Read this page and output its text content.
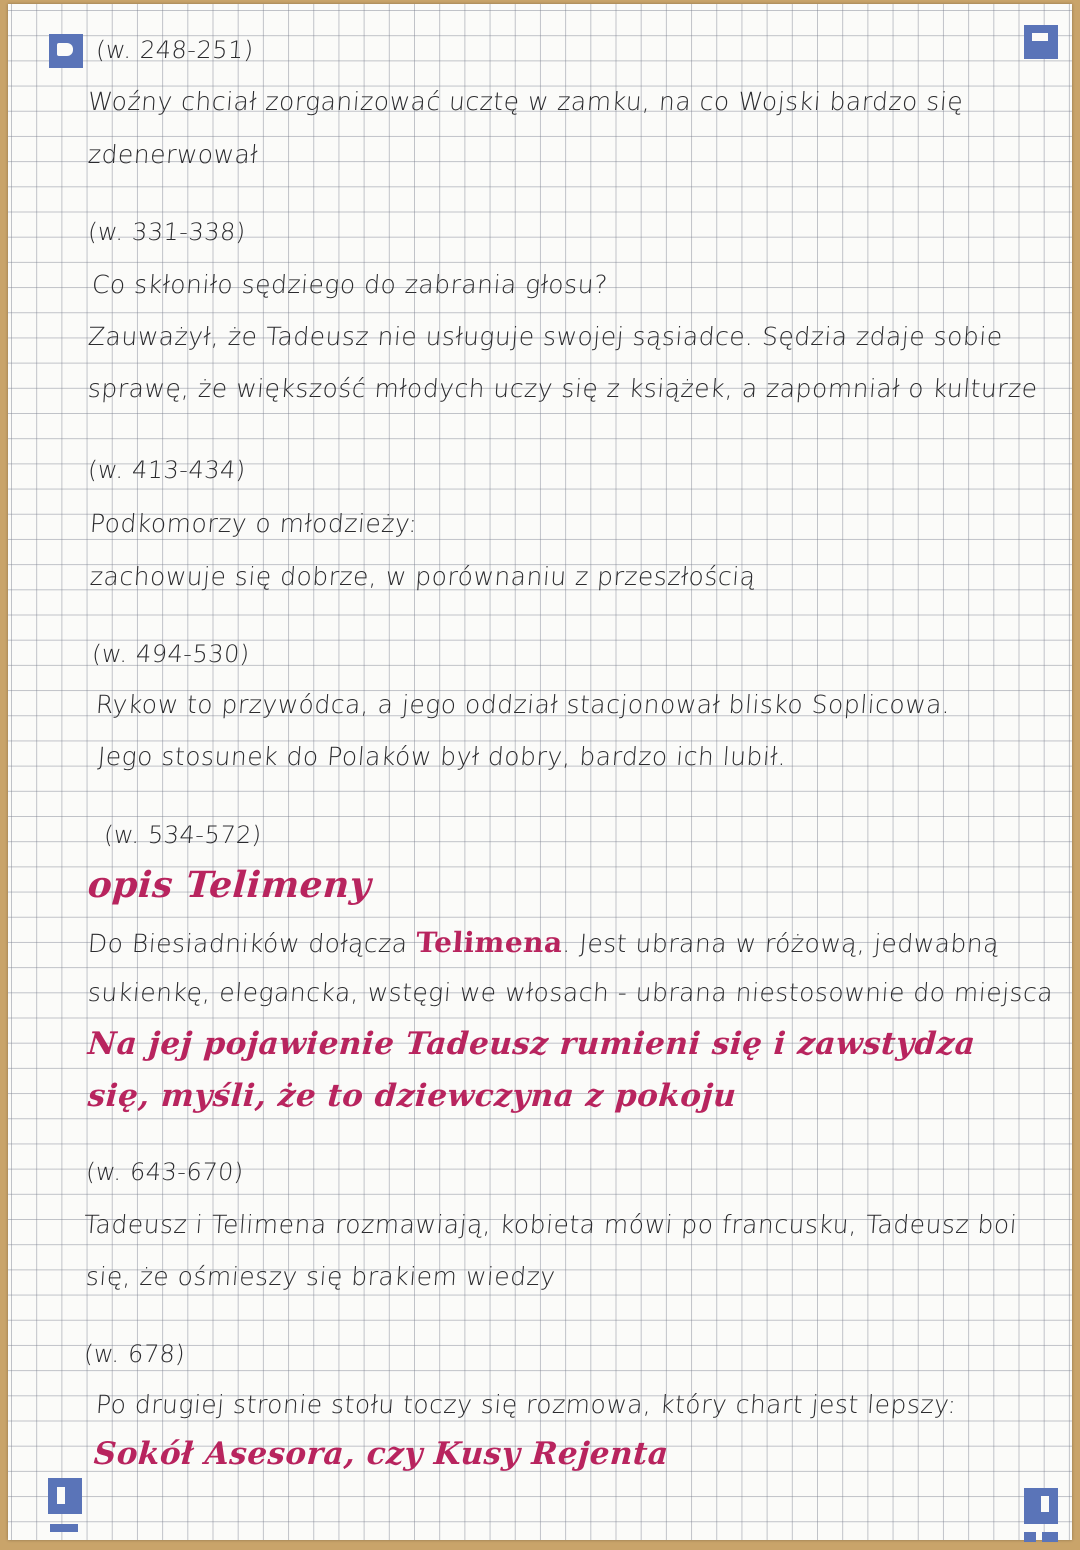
(w. 248-251)
Woźny chciał zorganizować ucztę w zamku, na co Wojski bardzo się
zdenerwował
(w. 331-338)
Co skłoniło sędziego do zabrania głosu?
Zauważył, że Tadeusz nie usługuje swojej sąsiadce. Sędzia zdaje sobie
sprawę, że większość młodych uczy się z książek, a zapomniał o kulturze
(w. 413-434)
Podkomorzy o młodzieży:
zachowuje się dobrze, w porównaniu z przeszłością
(w. 494-530)
Rykow to przywódca, a jego oddział stacjonował blisko Soplicowa.
Jego stosunek do Polaków był dobry, bardzo ich lubił.
(w. 534-572)
opis Telimeny
Do Biesiadników dołącza Telimena. Jest ubrana w różową, jedwabną
sukienkę, elegancka, wstęgi we włosach - ubrana niestosownie do miejsca
Na jej pojawienie Tadeusz rumieni się i zawstydza
się, myśli, że to dziewczyna z pokoju
(w. 643-670)
Tadeusz i Telimena rozmawiają, kobieta mówi po francusku, Tadeusz boi
się, że ośmieszy się brakiem wiedzy
(w. 678)
Po drugiej stronie stołu toczy się rozmowa, który chart jest lepszy:
Sokół Asesora, czy Kusy Rejenta
